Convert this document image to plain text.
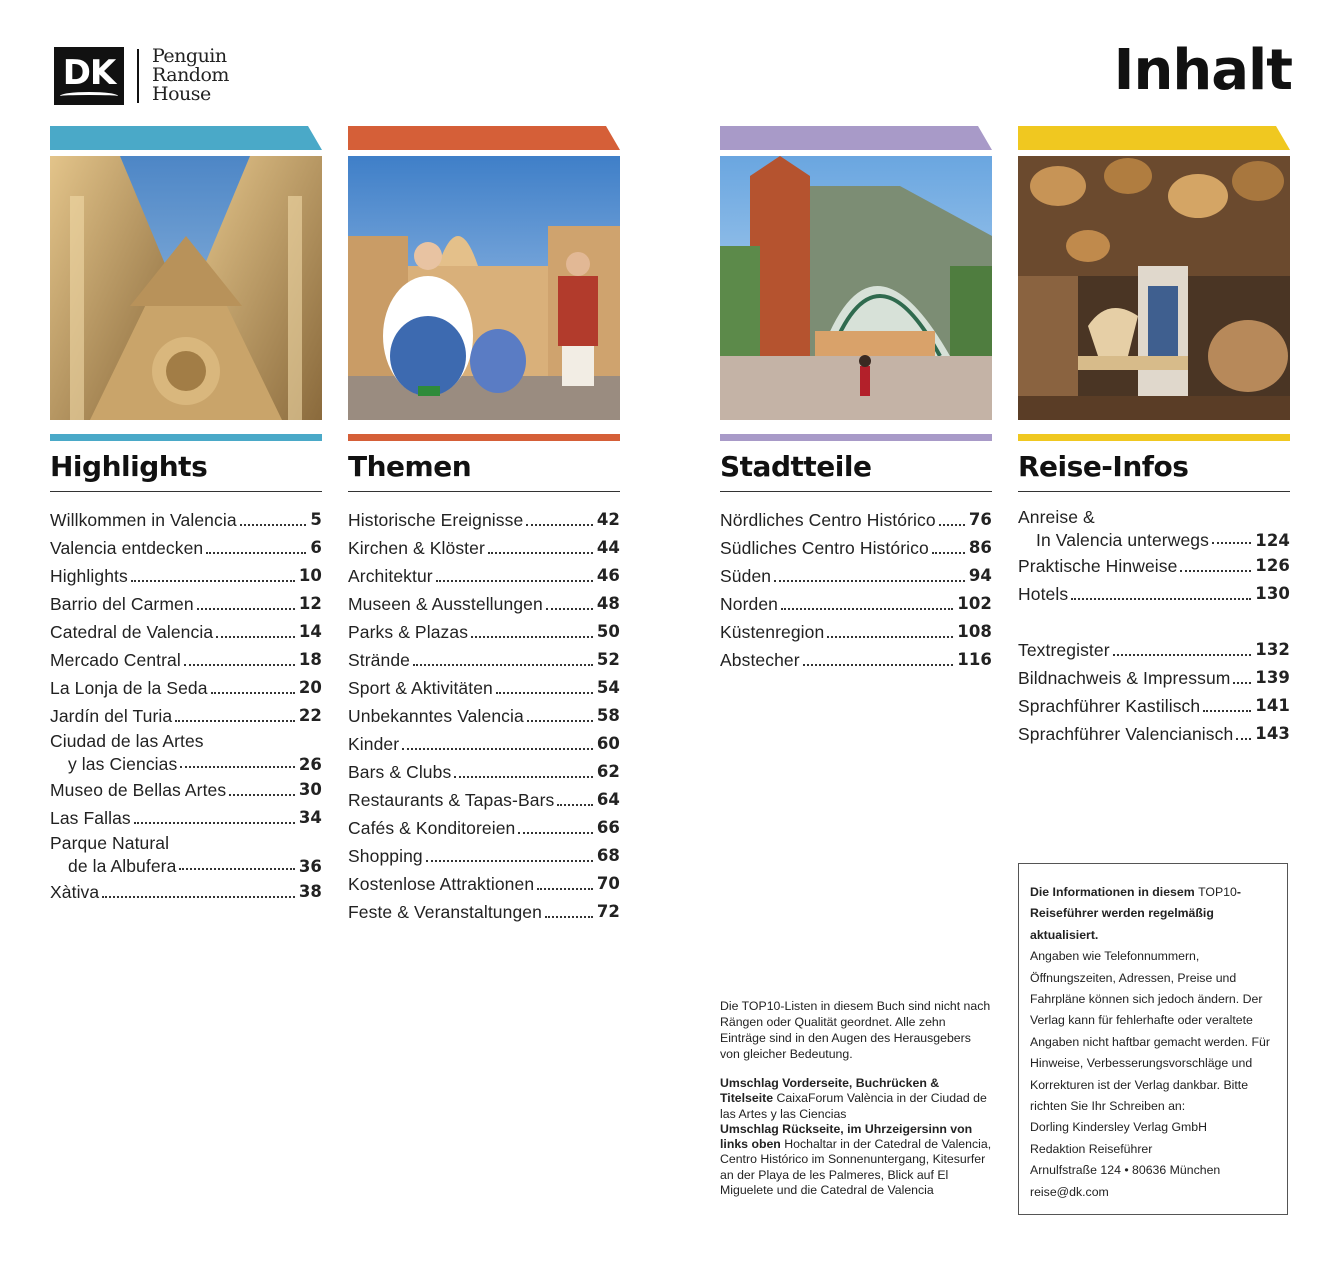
DK	Penguin
Random
House	Inhalt
Highlights
Willkommen in Valencia	5
Valencia entdecken	6
Highlights	10
Barrio del Carmen	12
Catedral de Valencia	14
Mercado Central	18
La Lonja de la Seda	20
Jardín del Turia	22
Ciudad de las Artes
y las Ciencias	26
Museo de Bellas Artes	30
Las Fallas	34
Parque Natural
de la Albufera	36
Xàtiva	38
Themen
Historische Ereignisse	42
Kirchen & Klöster	44
Architektur	46
Museen & Ausstellungen	48
Parks & Plazas	50
Strände	52
Sport & Aktivitäten	54
Unbekanntes Valencia	58
Kinder	60
Bars & Clubs	62
Restaurants & Tapas-Bars	64
Cafés & Konditoreien	66
Shopping	68
Kostenlose Attraktionen	70
Feste & Veranstaltungen	72
Stadtteile
Nördliches Centro Histórico 76
Südliches Centro Histórico 86
Süden	94
Norden	102
Küstenregion	108
Abstecher	116
Reise-Infos
Anreise &
In Valencia unterwegs	124
Praktische Hinweise	126
Hotels	130
Textregister	132
Bildnachweis & Impressum 139
Sprachführer Kastilisch	141
Sprachführer Valencianisch 143

Die TOP10-Listen in diesem Buch sind nicht nach Rängen oder Qualität geordnet. Alle zehn Einträge sind in den Augen des Herausgebers von gleicher Bedeutung.

Umschlag Vorderseite, Buchrücken & Titelseite CaixaForum València in der Ciudad de las Artes y las Ciencias
Umschlag Rückseite, im Uhrzeigersinn von links oben Hochaltar in der Catedral de Valencia, Centro Histórico im Sonnenuntergang, Kitesurfer an der Playa de les Palmeres, Blick auf El Miguelete und die Catedral de Valencia
Die Informationen in diesem TOP10-Reiseführer werden regelmäßig aktualisiert.
Angaben wie Telefonnummern, Öffnungszeiten, Adressen, Preise und Fahrpläne können sich jedoch ändern. Der Verlag kann für fehlerhafte oder veraltete Angaben nicht haftbar gemacht werden. Für Hinweise, Verbesserungsvorschläge und Korrekturen ist der Verlag dankbar. Bitte richten Sie Ihr Schreiben an:
Dorling Kindersley Verlag GmbH
Redaktion Reiseführer
Arnulfstraße 124 • 80636 München
reise@dk.com
